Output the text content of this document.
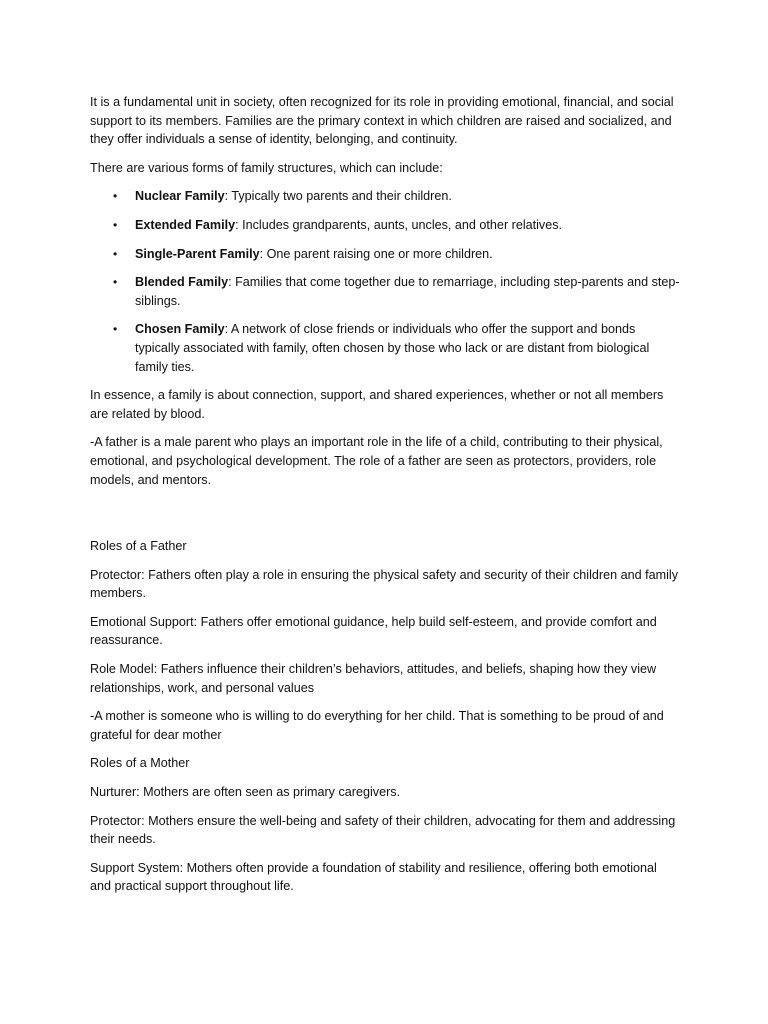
It is a fundamental unit in society, often recognized for its role in providing emotional, financial, and social support to its members. Families are the primary context in which children are raised and socialized, and they offer individuals a sense of identity, belonging, and continuity.

There are various forms of family structures, which can include:

• Nuclear Family: Typically two parents and their children.
• Extended Family: Includes grandparents, aunts, uncles, and other relatives.
• Single-Parent Family: One parent raising one or more children.
• Blended Family: Families that come together due to remarriage, including step-parents and step-siblings.
• Chosen Family: A network of close friends or individuals who offer the support and bonds typically associated with family, often chosen by those who lack or are distant from biological family ties.

In essence, a family is about connection, support, and shared experiences, whether or not all members are related by blood.

-A father is a male parent who plays an important role in the life of a child, contributing to their physical, emotional, and psychological development. The role of a father are seen as protectors, providers, role models, and mentors.

Roles of a Father

Protector: Fathers often play a role in ensuring the physical safety and security of their children and family members.

Emotional Support: Fathers offer emotional guidance, help build self-esteem, and provide comfort and reassurance.

Role Model: Fathers influence their children’s behaviors, attitudes, and beliefs, shaping how they view relationships, work, and personal values

-A mother is someone who is willing to do everything for her child. That is something to be proud of and grateful for dear mother

Roles of a Mother

Nurturer: Mothers are often seen as primary caregivers.

Protector: Mothers ensure the well-being and safety of their children, advocating for them and addressing their needs.

Support System: Mothers often provide a foundation of stability and resilience, offering both emotional and practical support throughout life.
